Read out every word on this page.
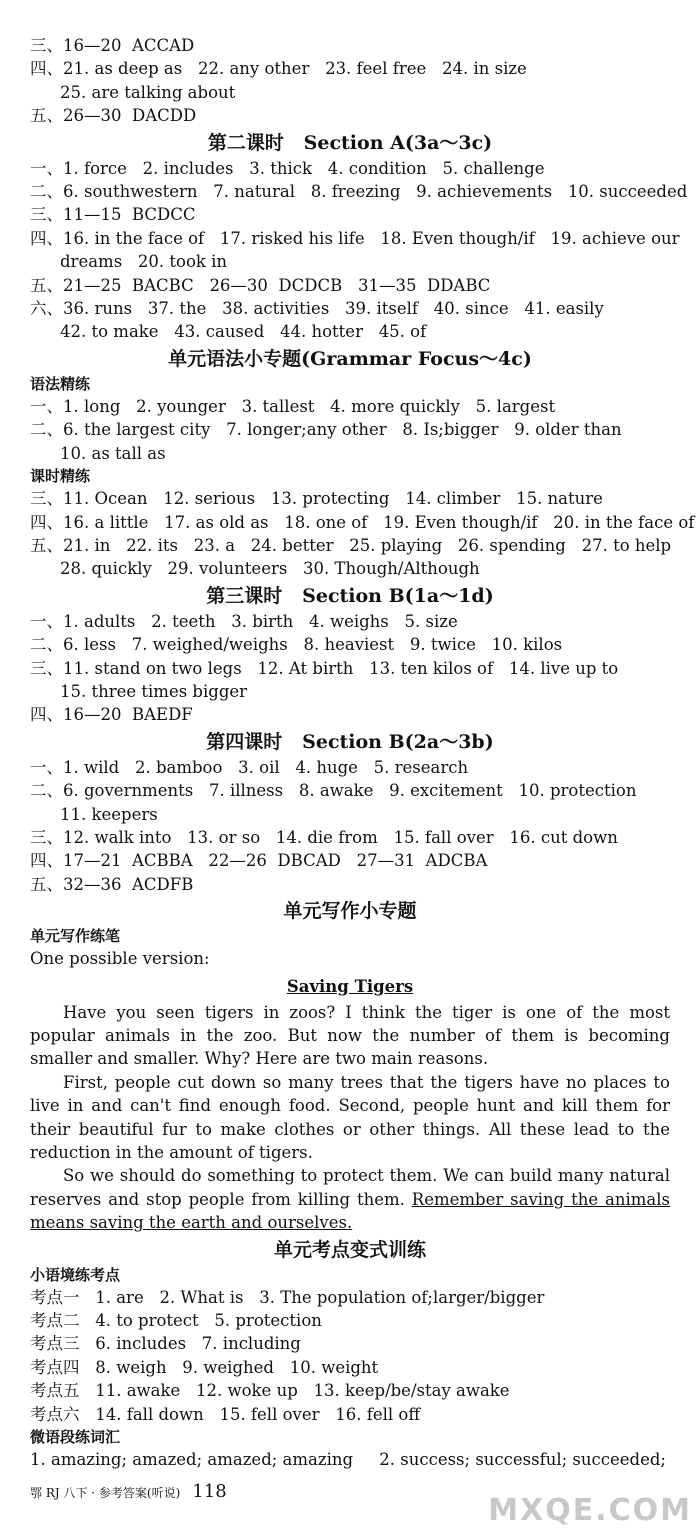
三、16—20  ACCAD
四、21. as deep as   22. any other   23. feel free   24. in size
25. are talking about
五、26—30  DACDD
第二课时   Section A(3a～3c)
一、1. force   2. includes   3. thick   4. condition   5. challenge
二、6. southwestern   7. natural   8. freezing   9. achievements   10. succeeded
三、11—15  BCDCC
四、16. in the face of   17. risked his life   18. Even though/if   19. achieve our
dreams   20. took in
五、21—25  BACBC   26—30  DCDCB   31—35  DDABC
六、36. runs   37. the   38. activities   39. itself   40. since   41. easily
42. to make   43. caused   44. hotter   45. of
单元语法小专题(Grammar Focus～4c)
语法精练
一、1. long   2. younger   3. tallest   4. more quickly   5. largest
二、6. the largest city   7. longer;any other   8. Is;bigger   9. older than
10. as tall as
课时精练
三、11. Ocean   12. serious   13. protecting   14. climber   15. nature
四、16. a little   17. as old as   18. one of   19. Even though/if   20. in the face of
五、21. in   22. its   23. a   24. better   25. playing   26. spending   27. to help
28. quickly   29. volunteers   30. Though/Although
第三课时   Section B(1a～1d)
一、1. adults   2. teeth   3. birth   4. weighs   5. size
二、6. less   7. weighed/weighs   8. heaviest   9. twice   10. kilos
三、11. stand on two legs   12. At birth   13. ten kilos of   14. live up to
15. three times bigger
四、16—20  BAEDF
第四课时   Section B(2a～3b)
一、1. wild   2. bamboo   3. oil   4. huge   5. research
二、6. governments   7. illness   8. awake   9. excitement   10. protection
11. keepers
三、12. walk into   13. or so   14. die from   15. fall over   16. cut down
四、17—21  ACBBA   22—26  DBCAD   27—31  ADCBA
五、32—36  ACDFB
单元写作小专题
单元写作练笔
One possible version:
Saving Tigers

Have you seen tigers in zoos? I think the tiger is one of the most popular animals in the zoo. But now the number of them is becoming smaller and smaller. Why? Here are two main reasons.

First, people cut down so many trees that the tigers have no places to live in and can't find enough food. Second, people hunt and kill them for their beautiful fur to make clothes or other things. All these lead to the reduction in the amount of tigers.

So we should do something to protect them. We can build many natural reserves and stop people from killing them. Remember saving the animals means saving the earth and ourselves.

单元考点变式训练
小语境练考点
考点一   1. are   2. What is   3. The population of;larger/bigger
考点二   4. to protect   5. protection
考点三   6. includes   7. including
考点四   8. weigh   9. weighed   10. weight
考点五   11. awake   12. woke up   13. keep/be/stay awake
考点六   14. fall down   15. fell over   16. fell off
微语段练词汇
1. amazing; amazed; amazed; amazing     2. success; successful; succeeded;
鄂 RJ 八下 · 参考答案(听说) 118
MXQE.COM
